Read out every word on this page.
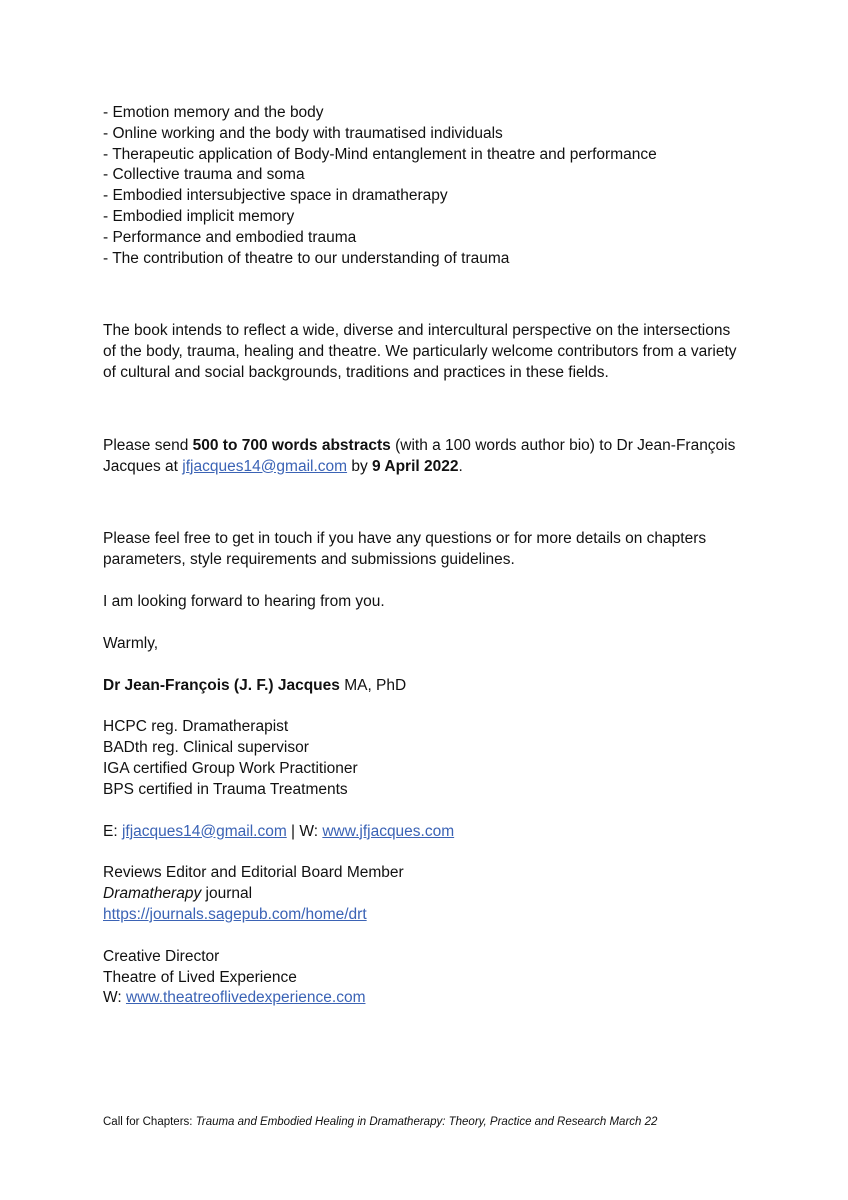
- Emotion memory and the body
- Online working and the body with traumatised individuals
- Therapeutic application of Body-Mind entanglement in theatre and performance
- Collective trauma and soma
- Embodied intersubjective space in dramatherapy
- Embodied implicit memory
- Performance and embodied trauma
- The contribution of theatre to our understanding of trauma

The book intends to reflect a wide, diverse and intercultural perspective on the intersections of the body, trauma, healing and theatre. We particularly welcome contributors from a variety of cultural and social backgrounds, traditions and practices in these fields.

Please send 500 to 700 words abstracts (with a 100 words author bio) to Dr Jean-François Jacques at jfjacques14@gmail.com by 9 April 2022.

Please feel free to get in touch if you have any questions or for more details on chapters parameters, style requirements and submissions guidelines.

I am looking forward to hearing from you.

Warmly,

Dr Jean-François (J. F.) Jacques MA, PhD

HCPC reg. Dramatherapist
BADth reg. Clinical supervisor
IGA certified Group Work Practitioner
BPS certified in Trauma Treatments

E: jfjacques14@gmail.com | W: www.jfjacques.com

Reviews Editor and Editorial Board Member
Dramatherapy journal
https://journals.sagepub.com/home/drt
Creative Director
Theatre of Lived Experience
W: www.theatreoflivedexperience.com
Call for Chapters: Trauma and Embodied Healing in Dramatherapy: Theory, Practice and Research March 22
